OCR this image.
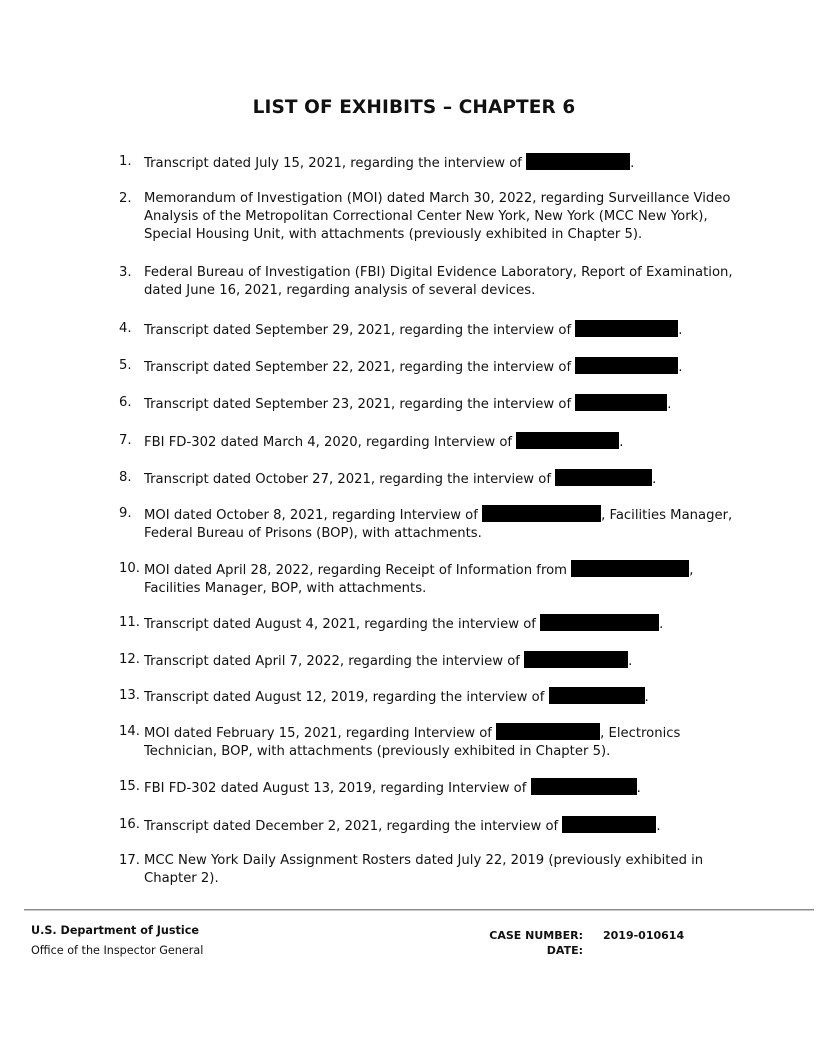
LIST OF EXHIBITS – CHAPTER 6
1. Transcript dated July 15, 2021, regarding the interview of	.
2. Memorandum of Investigation (MOI) dated March 30, 2022, regarding Surveillance Video
Analysis of the Metropolitan Correctional Center New York, New York (MCC New York),
Special Housing Unit, with attachments (previously exhibited in Chapter 5).
3. Federal Bureau of Investigation (FBI) Digital Evidence Laboratory, Report of Examination,
dated June 16, 2021, regarding analysis of several devices.
4. Transcript dated September 29, 2021, regarding the interview of	.
5. Transcript dated September 22, 2021, regarding the interview of	.
6. Transcript dated September 23, 2021, regarding the interview of	.
7. FBI FD-302 dated March 4, 2020, regarding Interview of	.
8. Transcript dated October 27, 2021, regarding the interview of	.
9. MOI dated October 8, 2021, regarding Interview of	, Facilities Manager,
Federal Bureau of Prisons (BOP), with attachments.
10. MOI dated April 28, 2022, regarding Receipt of Information from	,
Facilities Manager, BOP, with attachments.
11. Transcript dated August 4, 2021, regarding the interview of	.
12. Transcript dated April 7, 2022, regarding the interview of	.
13. Transcript dated August 12, 2019, regarding the interview of	.
14. MOI dated February 15, 2021, regarding Interview of	, Electronics
Technician, BOP, with attachments (previously exhibited in Chapter 5).
15. FBI FD-302 dated August 13, 2019, regarding Interview of	.
16. Transcript dated December 2, 2021, regarding the interview of	.
17. MCC New York Daily Assignment Rosters dated July 22, 2019 (previously exhibited in
Chapter 2).
U.S. Department of Justice
Office of the Inspector General
CASE NUMBER: 2019-010614
DATE:
